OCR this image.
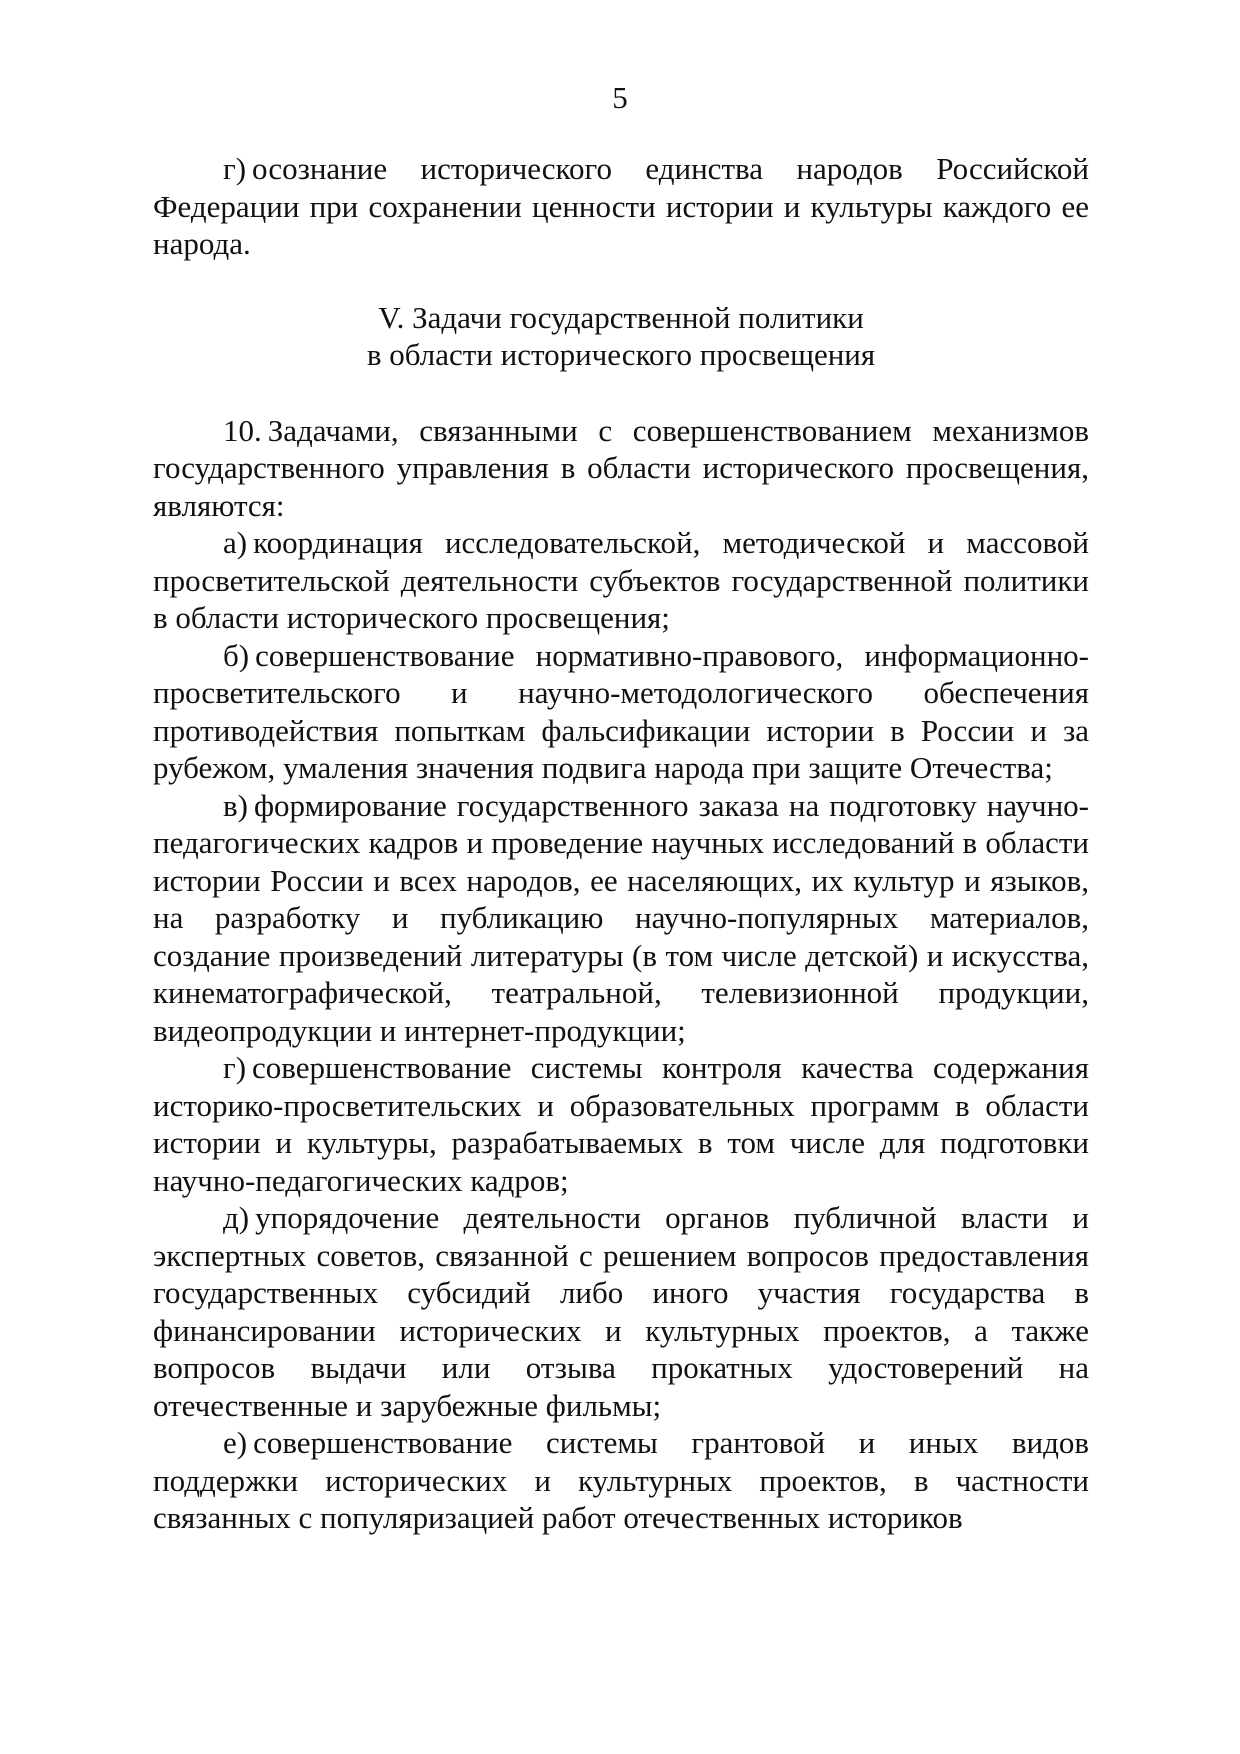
5

г) осознание исторического единства народов Российской Федерации при сохранении ценности истории и культуры каждого ее народа.

V. Задачи государственной политики
в области исторического просвещения

10. Задачами, связанными с совершенствованием механизмов государственного управления в области исторического просвещения, являются:

а) координация исследовательской, методической и массовой просветительской деятельности субъектов государственной политики в области исторического просвещения;

б) совершенствование нормативно-правового, информационно-просветительского и научно-методологического обеспечения противодействия попыткам фальсификации истории в России и за рубежом, умаления значения подвига народа при защите Отечества;

в) формирование государственного заказа на подготовку научно-педагогических кадров и проведение научных исследований в области истории России и всех народов, ее населяющих, их культур и языков, на разработку и публикацию научно-популярных материалов, создание произведений литературы (в том числе детской) и искусства, кинематографической, театральной, телевизионной продукции, видеопродукции и интернет-продукции;

г) совершенствование системы контроля качества содержания историко-просветительских и образовательных программ в области истории и культуры, разрабатываемых в том числе для подготовки научно-педагогических кадров;

д) упорядочение деятельности органов публичной власти и экспертных советов, связанной с решением вопросов предоставления государственных субсидий либо иного участия государства в финансировании исторических и культурных проектов, а также вопросов выдачи или отзыва прокатных удостоверений на отечественные и зарубежные фильмы;

е) совершенствование системы грантовой и иных видов поддержки исторических и культурных проектов, в частности связанных с популяризацией работ отечественных историков
